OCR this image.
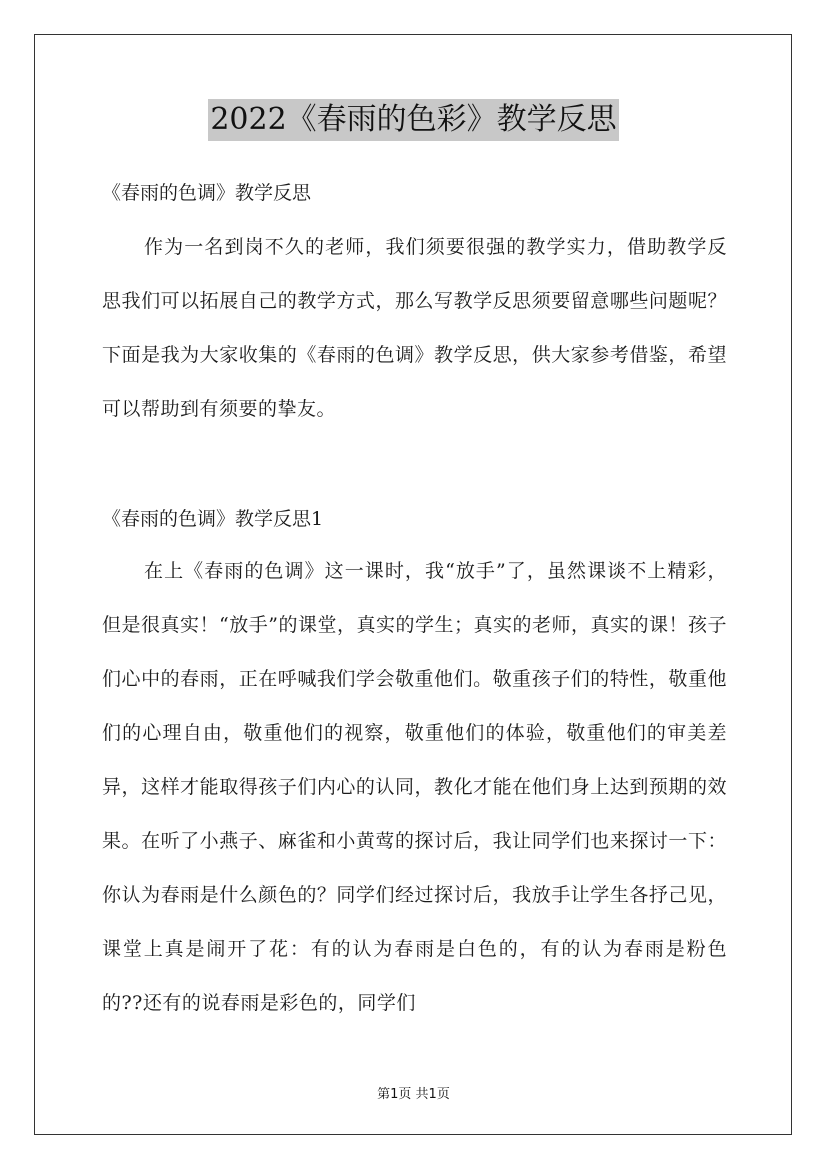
2022《春雨的色彩》教学反思

《春雨的色调》教学反思

作为一名到岗不久的老师，我们须要很强的教学实力，借助教学反思我们可以拓展自己的教学方式，那么写教学反思须要留意哪些问题呢？下面是我为大家收集的《春雨的色调》教学反思，供大家参考借鉴，希望可以帮助到有须要的挚友。

《春雨的色调》教学反思1

在上《春雨的色调》这一课时，我“放手”了，虽然课谈不上精彩，但是很真实！“放手”的课堂，真实的学生；真实的老师，真实的课！孩子们心中的春雨，正在呼喊我们学会敬重他们。敬重孩子们的特性，敬重他们的心理自由，敬重他们的视察，敬重他们的体验，敬重他们的审美差异，这样才能取得孩子们内心的认同，教化才能在他们身上达到预期的效果。在听了小燕子、麻雀和小黄莺的探讨后，我让同学们也来探讨一下：你认为春雨是什么颜色的？同学们经过探讨后，我放手让学生各抒己见，课堂上真是闹开了花：有的认为春雨是白色的，有的认为春雨是粉色的??还有的说春雨是彩色的，同学们

第1页 共1页
